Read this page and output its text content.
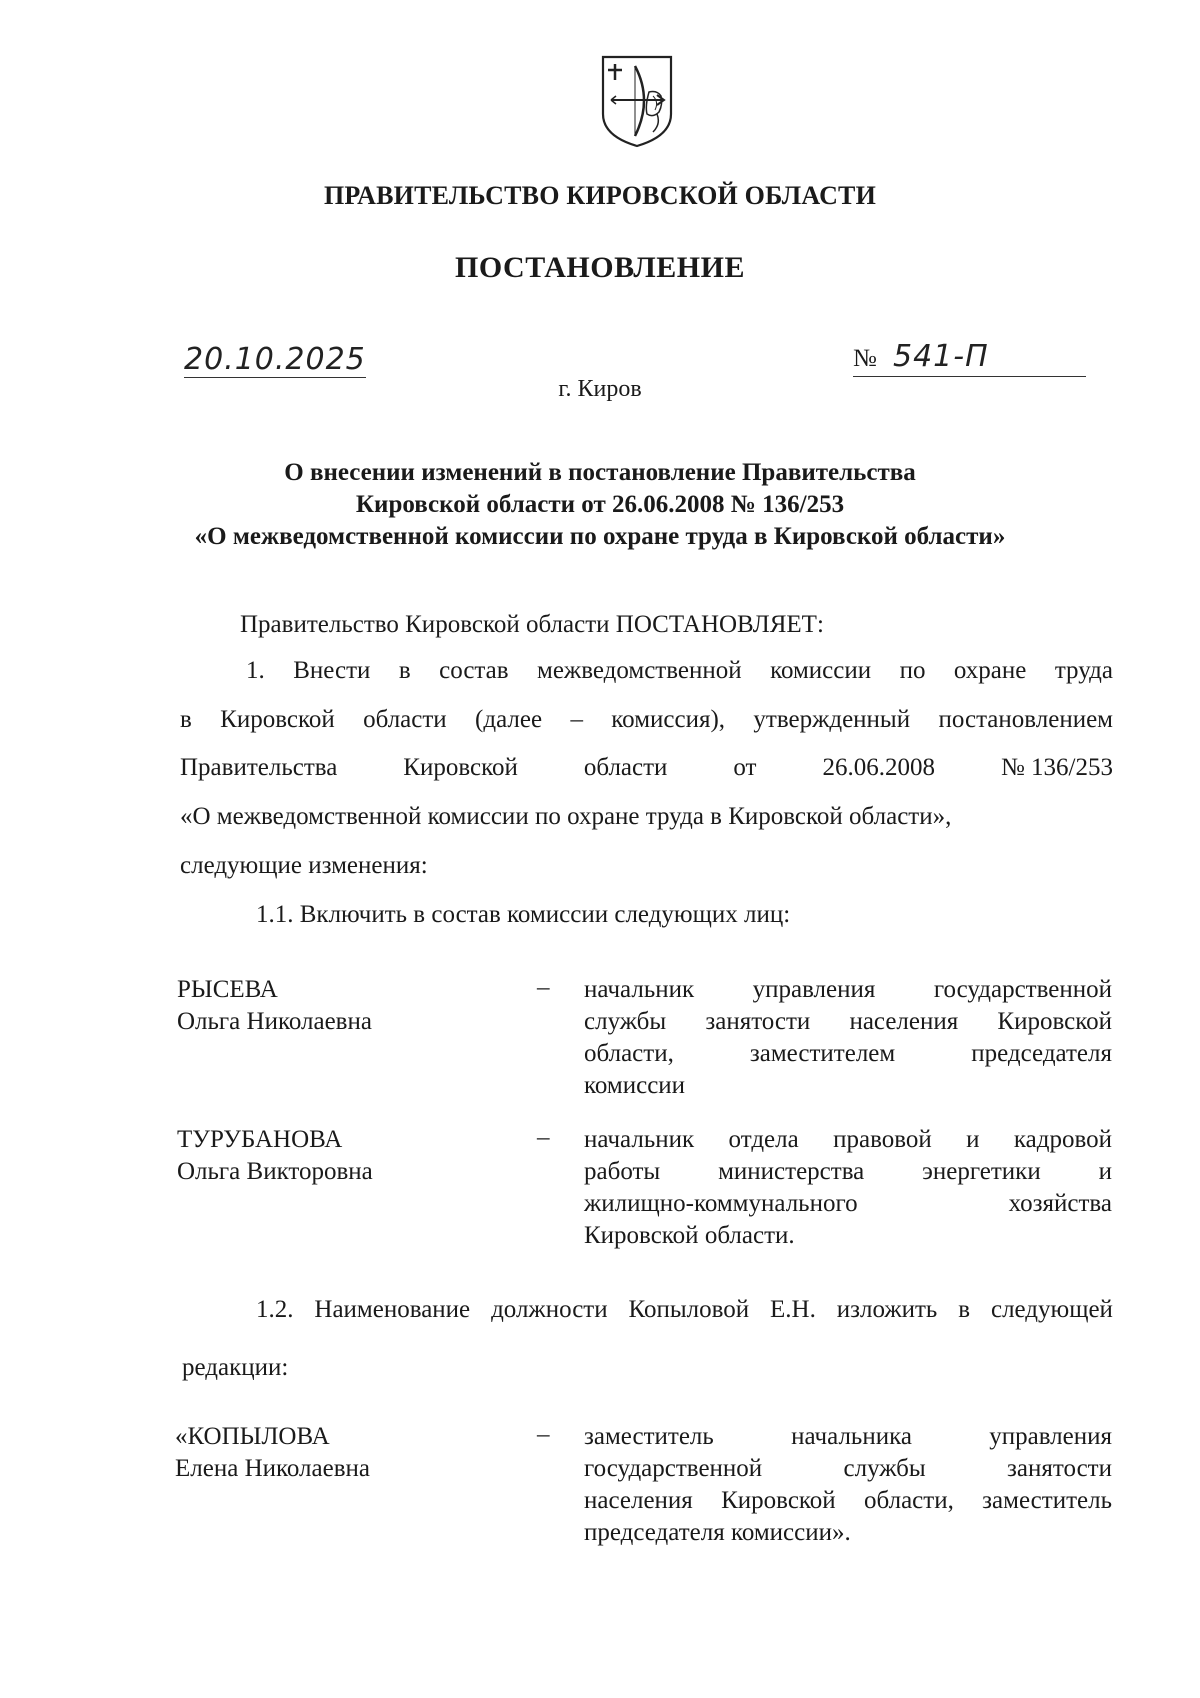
ПРАВИТЕЛЬСТВО КИРОВСКОЙ ОБЛАСТИ
ПОСТАНОВЛЕНИЕ
20.10.2025	№ 541-П
г. Киров
О внесении изменений в постановление Правительства
Кировской области от 26.06.2008 № 136/253
«О межведомственной комиссии по охране труда в Кировской области»
Правительство Кировской области ПОСТАНОВЛЯЕТ:
1. Внести в состав межведомственной комиссии по охране труда
в Кировской области (далее – комиссия), утвержденный постановлением
Правительства	Кировской	области	от	26.06.2008	№ 136/253
«О межведомственной комиссии по охране труда в Кировской области»,
следующие изменения:
1.1. Включить в состав комиссии следующих лиц:
РЫСЕВА
Ольга Николаевна
– начальник управления государственной
службы занятости населения Кировской
области,	заместителем	председателя
комиссии
ТУРУБАНОВА
Ольга Викторовна
– начальник отдела правовой и кадровой
работы министерства энергетики и
жилищно-коммунального	хозяйства
Кировской области.
1.2. Наименование должности Копыловой Е.Н. изложить в следующей
редакции:
«КОПЫЛОВА
Елена Николаевна
– заместитель	начальника	управления
государственной	службы	занятости
населения Кировской области, заместитель
председателя комиссии».
